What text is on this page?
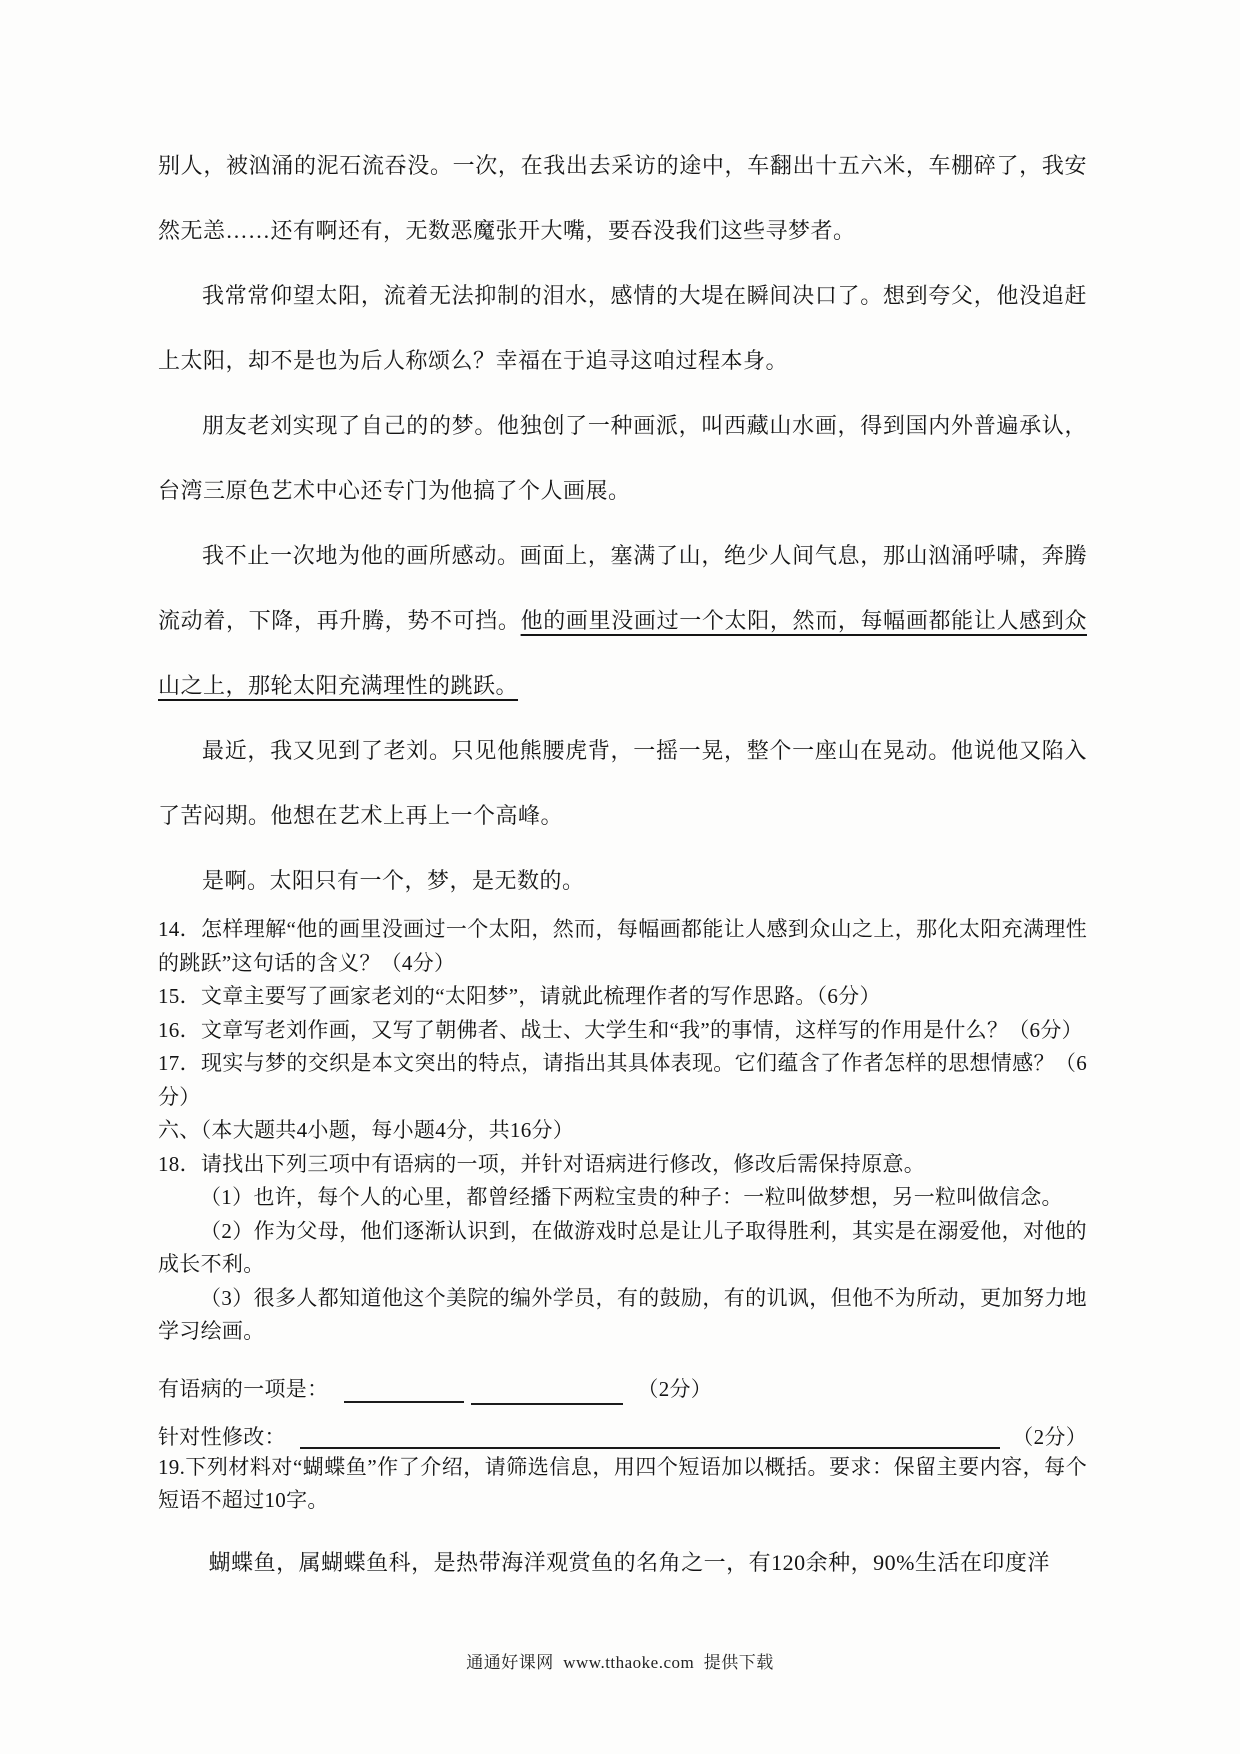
别人，被汹涌的泥石流吞没。一次，在我出去采访的途中，车翻出十五六米，车棚碎了，我安然无恙……还有啊还有，无数恶魔张开大嘴，要吞没我们这些寻梦者。

我常常仰望太阳，流着无法抑制的泪水，感情的大堤在瞬间决口了。想到夸父，他没追赶上太阳，却不是也为后人称颂么？幸福在于追寻这咱过程本身。

朋友老刘实现了自己的的梦。他独创了一种画派，叫西藏山水画，得到国内外普遍承认，台湾三原色艺术中心还专门为他搞了个人画展。

我不止一次地为他的画所感动。画面上，塞满了山，绝少人间气息，那山汹涌呼啸，奔腾流动着，下降，再升腾，势不可挡。他的画里没画过一个太阳，然而，每幅画都能让人感到众山之上，那轮太阳充满理性的跳跃。

最近，我又见到了老刘。只见他熊腰虎背，一摇一晃，整个一座山在晃动。他说他又陷入了苦闷期。他想在艺术上再上一个高峰。

是啊。太阳只有一个，梦，是无数的。

14．怎样理解“他的画里没画过一个太阳，然而，每幅画都能让人感到众山之上，那化太阳充满理性的跳跃”这句话的含义？（4分）

15．文章主要写了画家老刘的“太阳梦”，请就此梳理作者的写作思路。（6分）

16．文章写老刘作画，又写了朝佛者、战士、大学生和“我”的事情，这样写的作用是什么？（6分）

17．现实与梦的交织是本文突出的特点，请指出其具体表现。它们蕴含了作者怎样的思想情感？（6分）

六、（本大题共4小题，每小题4分，共16分）

18．请找出下列三项中有语病的一项，并针对语病进行修改，修改后需保持原意。

（1）也许，每个人的心里，都曾经播下两粒宝贵的种子：一粒叫做梦想，另一粒叫做信念。

（2）作为父母，他们逐渐认识到，在做游戏时总是让儿子取得胜利，其实是在溺爱他，对他的成长不利。

（3）很多人都知道他这个美院的编外学员，有的鼓励，有的讥讽，但他不为所动，更加努力地学习绘画。

有语病的一项是：	（2分）
针对性修改：	（2分）

19.下列材料对“蝴蝶鱼”作了介绍，请筛选信息，用四个短语加以概括。要求：保留主要内容，每个短语不超过10字。

蝴蝶鱼，属蝴蝶鱼科，是热带海洋观赏鱼的名角之一，有120余种，90%生活在印度洋

通通好课网  www.tthaoke.com  提供下载
